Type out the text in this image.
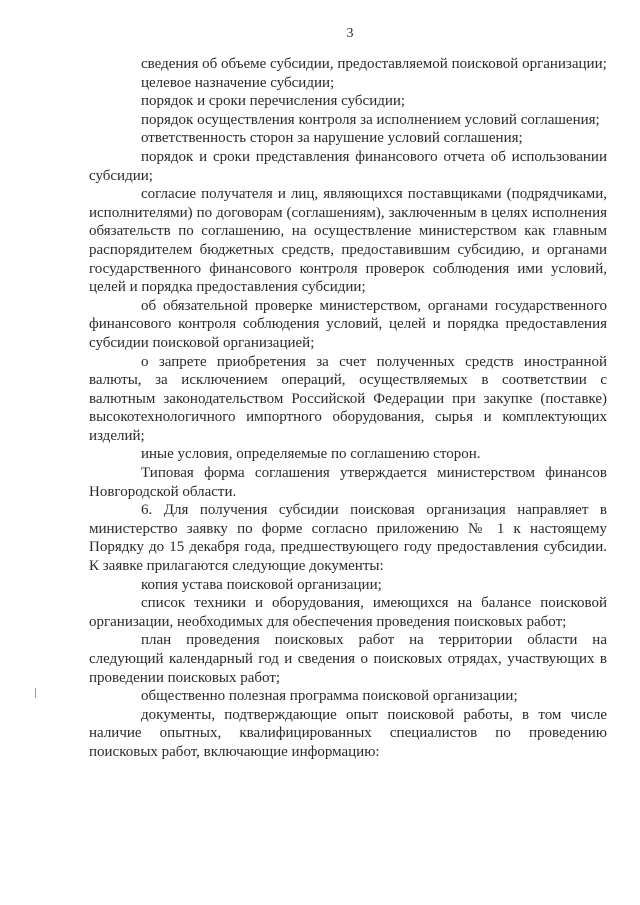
3

сведения об объеме субсидии, предоставляемой поисковой организации;

целевое назначение субсидии;

порядок и сроки перечисления субсидии;

порядок осуществления контроля за исполнением условий соглашения;

ответственность сторон за нарушение условий соглашения;

порядок и сроки представления финансового отчета об использовании субсидии;

согласие получателя и лиц, являющихся поставщиками (подрядчиками, исполнителями) по договорам (соглашениям), заключенным в целях исполнения обязательств по соглашению, на осуществление министерством как главным распорядителем бюджетных средств, предоставившим субсидию, и органами государственного финансового контроля проверок соблюдения ими условий, целей и порядка предоставления субсидии;

об обязательной проверке министерством, органами государственного финансового контроля соблюдения условий, целей и порядка предоставления субсидии поисковой организацией;

о запрете приобретения за счет полученных средств иностранной валюты, за исключением операций, осуществляемых в соответствии с валютным законодательством Российской Федерации при закупке (поставке) высокотехнологичного импортного оборудования, сырья и комплектующих изделий;

иные условия, определяемые по соглашению сторон.

Типовая форма соглашения утверждается министерством финансов Новгородской области.

6. Для получения субсидии поисковая организация направляет в министерство заявку по форме согласно приложению № 1 к настоящему Порядку до 15 декабря года, предшествующего году предоставления субсидии. К заявке прилагаются следующие документы:

копия устава поисковой организации;

список техники и оборудования, имеющихся на балансе поисковой организации, необходимых для обеспечения проведения поисковых работ;

план проведения поисковых работ на территории области на следующий календарный год и сведения о поисковых отрядах, участвующих в проведении поисковых работ;

общественно полезная программа поисковой организации;

документы, подтверждающие опыт поисковой работы, в том числе наличие опытных, квалифицированных специалистов по проведению поисковых работ, включающие информацию:
